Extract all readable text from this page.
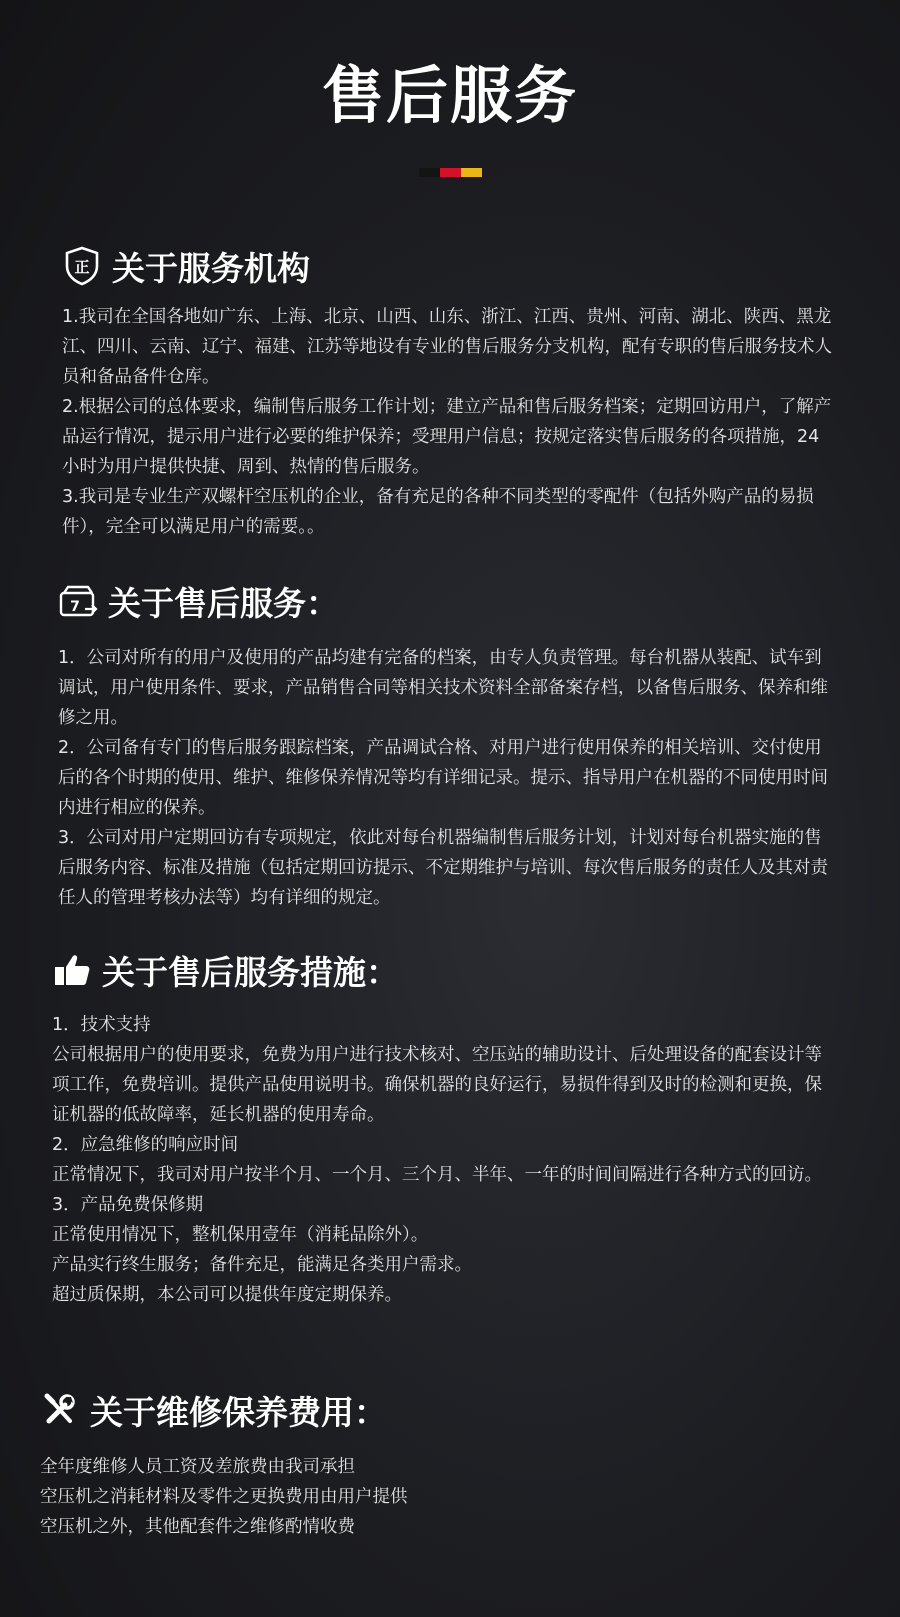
售后服务
正 关于服务机构

1.我司在全国各地如广东、上海、北京、山西、山东、浙江、江西、贵州、河南、湖北、陕西、黑龙江、四川、云南、辽宁、福建、江苏等地设有专业的售后服务分支机构，配有专职的售后服务技术人员和备品备件仓库。

2.根据公司的总体要求，编制售后服务工作计划；建立产品和售后服务档案；定期回访用户，了解产品运行情况，提示用户进行必要的维护保养；受理用户信息；按规定落实售后服务的各项措施，24小时为用户提供快捷、周到、热情的售后服务。

3.我司是专业生产双螺杆空压机的企业，备有充足的各种不同类型的零配件（包括外购产品的易损件），完全可以满足用户的需要。。

7 关于售后服务：

1．公司对所有的用户及使用的产品均建有完备的档案，由专人负责管理。每台机器从装配、试车到调试，用户使用条件、要求，产品销售合同等相关技术资料全部备案存档，以备售后服务、保养和维修之用。

2．公司备有专门的售后服务跟踪档案，产品调试合格、对用户进行使用保养的相关培训、交付使用后的各个时期的使用、维护、维修保养情况等均有详细记录。提示、指导用户在机器的不同使用时间内进行相应的保养。

3．公司对用户定期回访有专项规定，依此对每台机器编制售后服务计划，计划对每台机器实施的售后服务内容、标准及措施（包括定期回访提示、不定期维护与培训、每次售后服务的责任人及其对责任人的管理考核办法等）均有详细的规定。

关于售后服务措施：

1．技术支持

公司根据用户的使用要求，免费为用户进行技术核对、空压站的辅助设计、后处理设备的配套设计等项工作，免费培训。提供产品使用说明书。确保机器的良好运行，易损件得到及时的检测和更换，保证机器的低故障率，延长机器的使用寿命。

2．应急维修的响应时间

正常情况下，我司对用户按半个月、一个月、三个月、半年、一年的时间间隔进行各种方式的回访。

3．产品免费保修期

正常使用情况下，整机保用壹年（消耗品除外）。

产品实行终生服务；备件充足，能满足各类用户需求。

超过质保期，本公司可以提供年度定期保养。

关于维修保养费用：

全年度维修人员工资及差旅费由我司承担

空压机之消耗材料及零件之更换费用由用户提供

空压机之外，其他配套件之维修酌情收费
